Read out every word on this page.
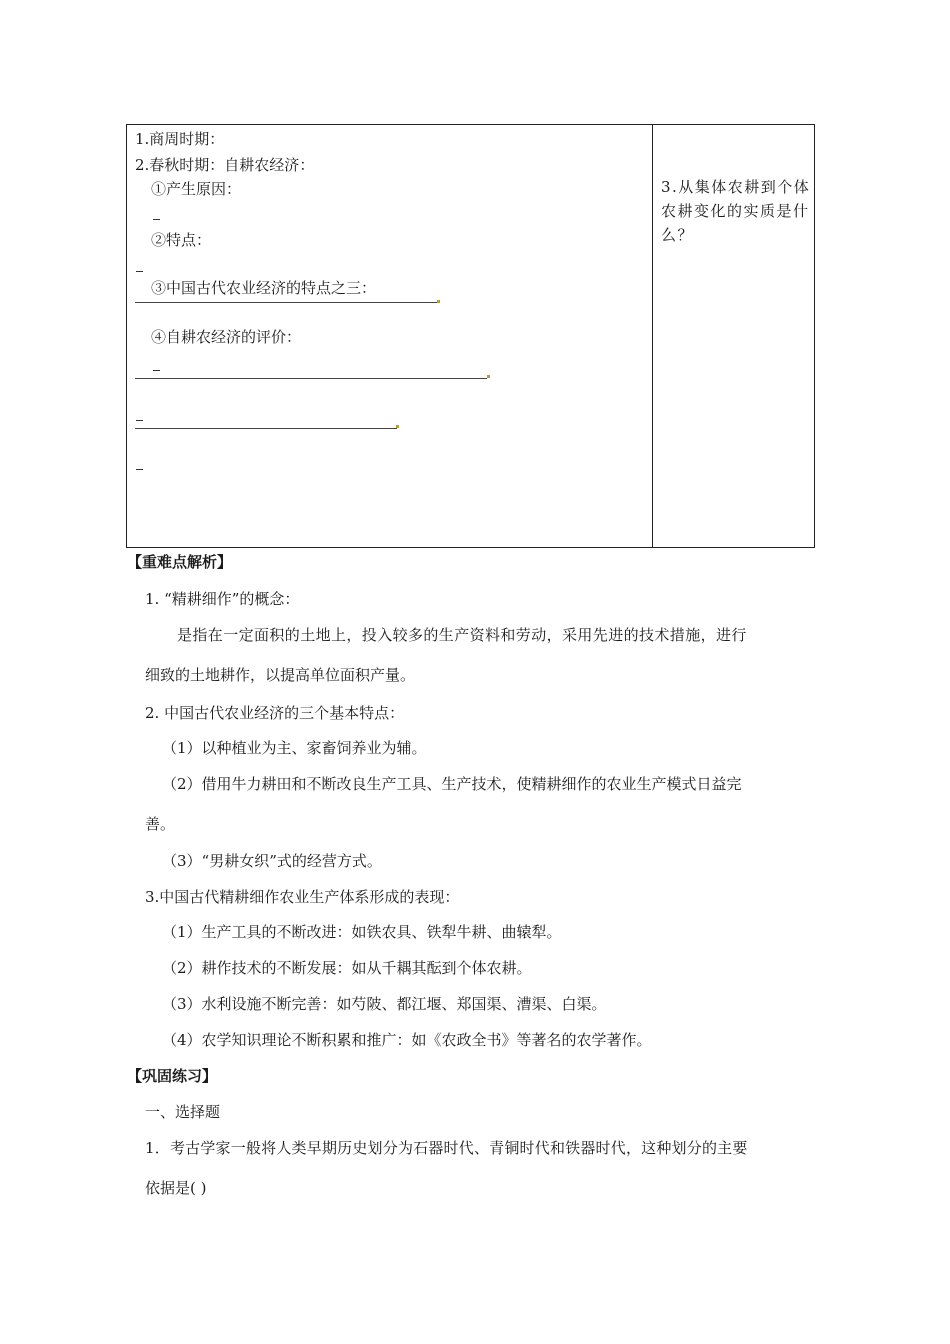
1.商周时期：
2.春秋时期：自耕农经济：
①产生原因：
②特点：
③中国古代农业经济的特点之三：
④自耕农经济的评价：
3.从集体农耕到个体农耕变化的实质是什么？
【重难点解析】
1. “精耕细作”的概念：
是指在一定面积的土地上，投入较多的生产资料和劳动，采用先进的技术措施，进行
细致的土地耕作，以提高单位面积产量。
2. 中国古代农业经济的三个基本特点：
（1）以种植业为主、家畜饲养业为辅。
（2）借用牛力耕田和不断改良生产工具、生产技术，使精耕细作的农业生产模式日益完
善。
（3）“男耕女织”式的经营方式。
3.中国古代精耕细作农业生产体系形成的表现：
（1）生产工具的不断改进：如铁农具、铁犁牛耕、曲辕犁。
（2）耕作技术的不断发展：如从千耦其酝到个体农耕。
（3）水利设施不断完善：如芍陂、都江堰、郑国渠、漕渠、白渠。
（4）农学知识理论不断积累和推广：如《农政全书》等著名的农学著作。
【巩固练习】
一、选择题
1．考古学家一般将人类早期历史划分为石器时代、青铜时代和铁器时代，这种划分的主要
依据是( )
